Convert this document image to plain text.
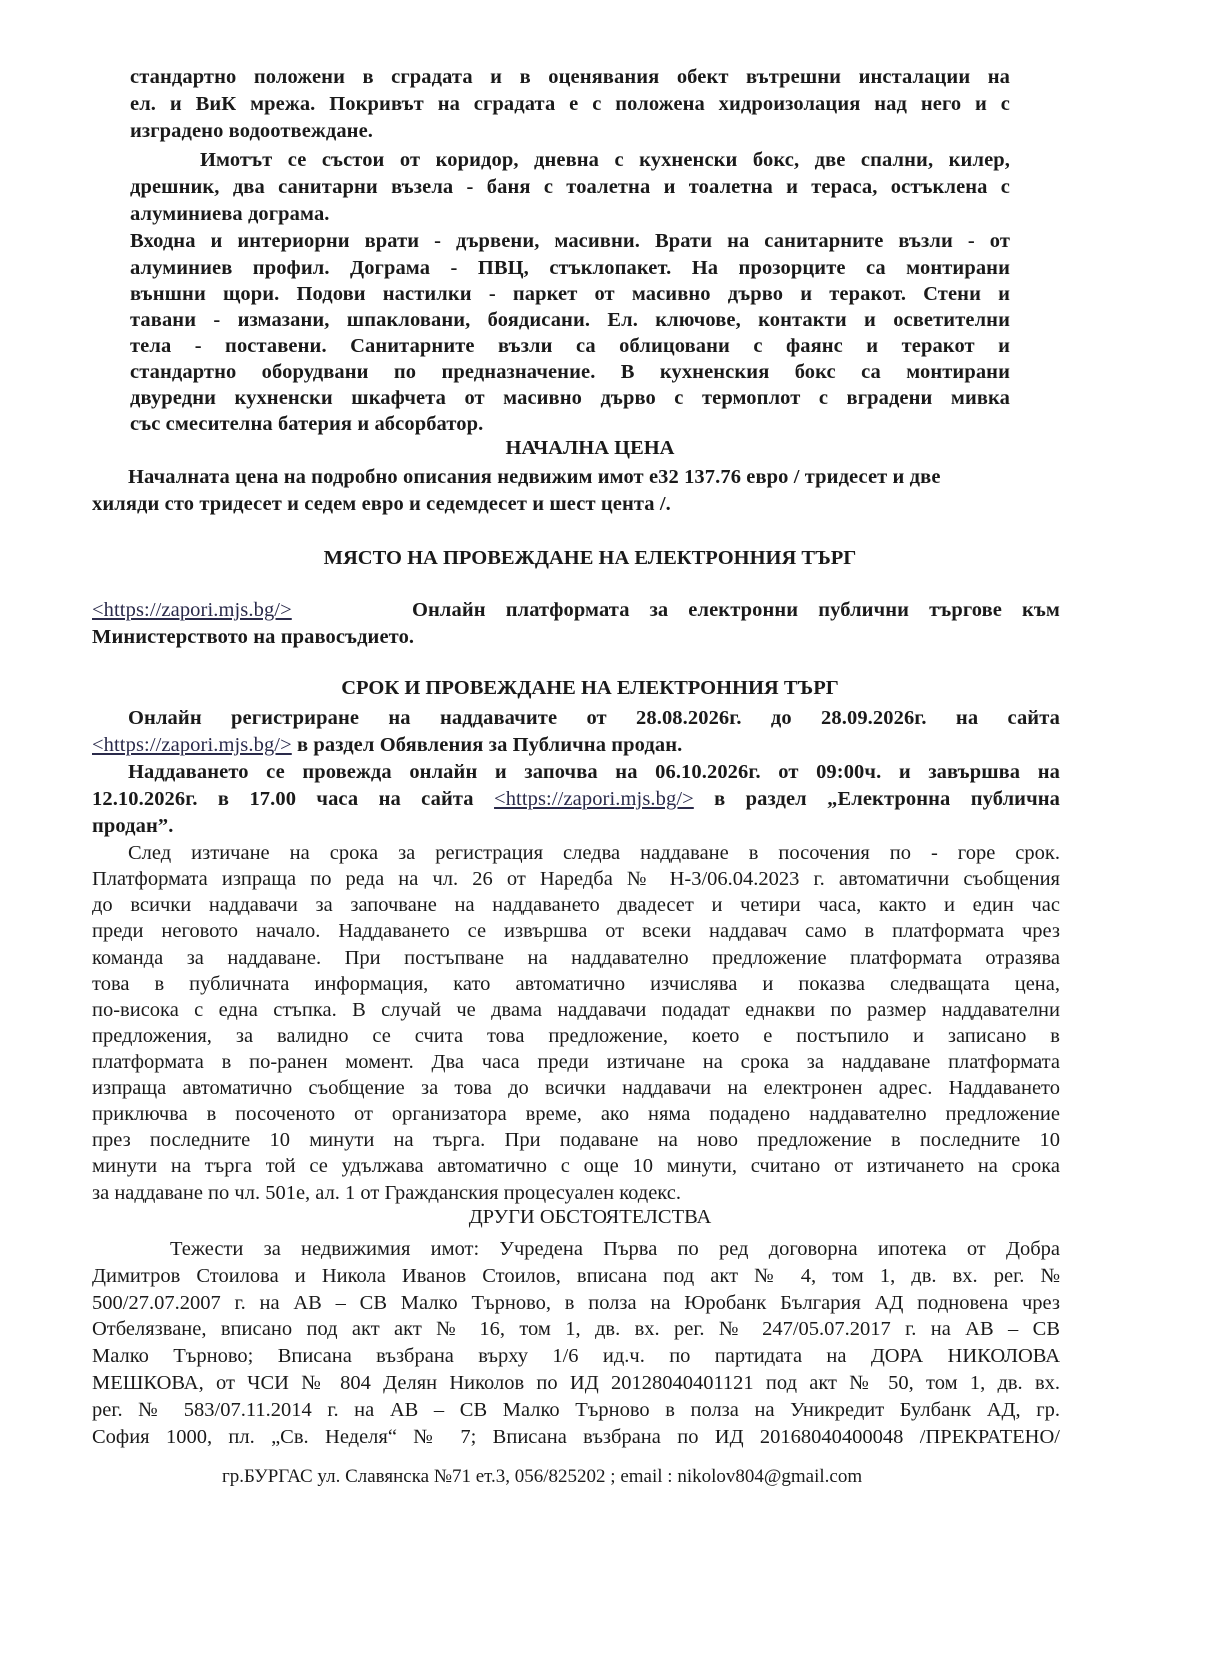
стандартно положени в сградата и в оценявания обект вътрешни инсталации на
ел. и ВиК мрежа. Покривът на сградата е с положена хидроизолация над него и с
изградено водоотвеждане.
Имотът се състои от коридор, дневна с кухненски бокс, две спални, килер,
дрешник, два санитарни възела - баня с тоалетна и тоалетна и тераса, остъклена с
алуминиева дограма.
Входна и интериорни врати - дървени, масивни. Врати на санитарните възли - от
алуминиев профил. Дограма - ПВЦ, стъклопакет. На прозорците са монтирани
външни щори. Подови настилки - паркет от масивно дърво и теракот. Стени и
тавани - измазани, шпакловани, боядисани. Ел. ключове, контакти и осветителни
тела - поставени. Санитарните възли са облицовани с фаянс и теракот и
стандартно оборудвани по предназначение. В кухненския бокс са монтирани
двуредни кухненски шкафчета от масивно дърво с термоплот с вградени мивка
със смесителна батерия и абсорбатор.
НАЧАЛНА ЦЕНА
Началната цена на подробно описания недвижим имот е32 137.76 евро / тридесет и две
хиляди сто тридесет и седем евро и седемдесет и шест цента /.
МЯСТО НА ПРОВЕЖДАНЕ НА ЕЛЕКТРОННИЯ ТЪРГ
<https://zapori.mjs.bg/>	Онлайн платформата за електронни публични търгове към
Министерството на правосъдието.
СРОК И ПРОВЕЖДАНЕ НА ЕЛЕКТРОННИЯ ТЪРГ
Онлайн регистриране на наддавачите от 28.08.2026г. до 28.09.2026г. на сайта
<https://zapori.mjs.bg/> в раздел Обявления за Публична продан.
Наддаването се провежда онлайн и започва на 06.10.2026г. от 09:00ч. и завършва на
12.10.2026г. в 17.00 часа на сайта <https://zapori.mjs.bg/> в раздел „Електронна публична
продан”.
След изтичане на срока за регистрация следва наддаване в посочения по - горе срок.
Платформата изпраща по реда на чл. 26 от Наредба № Н-3/06.04.2023 г. автоматични съобщения
до всички наддавачи за започване на наддаването двадесет и четири часа, както и един час
преди неговото начало. Наддаването се извършва от всеки наддавач само в платформата чрез
команда за наддаване. При постъпване на наддавателно предложение платформата отразява
това в публичната информация, като автоматично изчислява и показва следващата цена,
по-висока с една стъпка. В случай че двама наддавачи подадат еднакви по размер наддавателни
предложения, за валидно се счита това предложение, което е постъпило и записано в
платформата в по-ранен момент. Два часа преди изтичане на срока за наддаване платформата
изпраща автоматично съобщение за това до всички наддавачи на електронен адрес. Наддаването
приключва в посоченото от организатора време, ако няма подадено наддавателно предложение
през последните 10 минути на търга. При подаване на ново предложение в последните 10
минути на търга той се удължава автоматично с още 10 минути, считано от изтичането на срока
за наддаване по чл. 501е, ал. 1 от Гражданския процесуален кодекс.
ДРУГИ ОБСТОЯТЕЛСТВА
Тежести за недвижимия имот: Учредена Първа по ред договорна ипотека от Добра
Димитров Стоилова и Никола Иванов Стоилов, вписана под акт № 4, том 1, дв. вх. рег. №
500/27.07.2007 г. на АВ – СВ Малко Търново, в полза на Юробанк България АД подновена чрез
Отбелязване, вписано под акт акт № 16, том 1, дв. вх. рег. № 247/05.07.2017 г. на АВ – СВ
Малко Търново; Вписана възбрана върху 1/6 ид.ч. по партидата на ДОРА НИКОЛОВА
МЕШКОВА, от ЧСИ № 804 Делян Николов по ИД 20128040401121 под акт № 50, том 1, дв. вх.
рег. № 583/07.11.2014 г. на АВ – СВ Малко Търново в полза на Уникредит Булбанк АД, гр.
София 1000, пл. „Св. Неделя“ № 7; Вписана възбрана по ИД 20168040400048 /ПРЕКРАТЕНО/
гр.БУРГАС ул. Славянска №71 ет.3, 056/825202 ; email : nikolov804@gmail.com
